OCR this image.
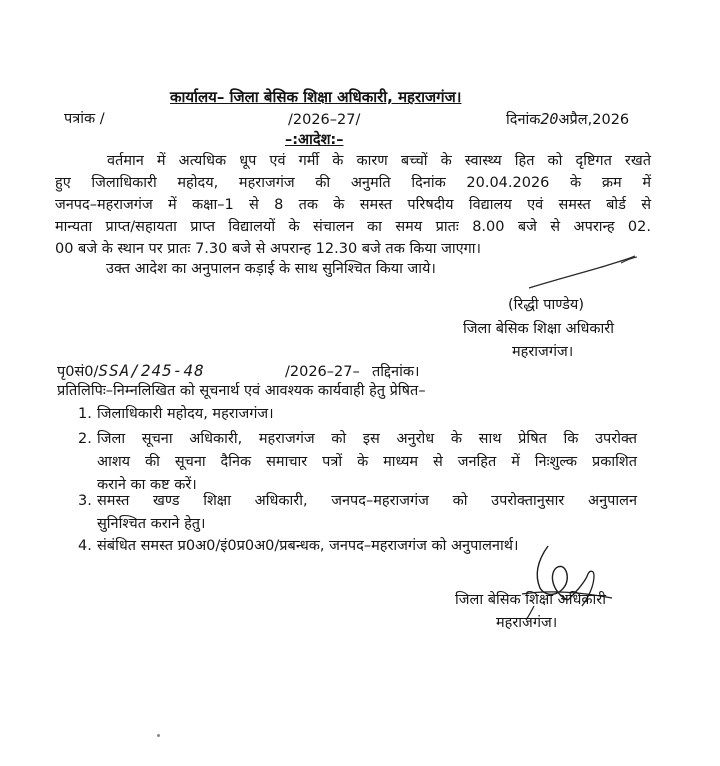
कार्यालय– जिला बेसिक शिक्षा अधिकारी, महराजगंज।
पत्रांक /	/2026–27/	दिनांक20अप्रैल,2026
–:आदेश:–
वर्तमान में अत्यधिक धूप एवं गर्मी के कारण बच्चों के स्वास्थ्य हित को दृष्टिगत रखते
हुए जिलाधिकारी महोदय, महराजगंज की अनुमति दिनांक 20.04.2026 के क्रम में
जनपद–महराजगंज में कक्षा–1 से 8 तक के समस्त परिषदीय विद्यालय एवं समस्त बोर्ड से
मान्यता प्राप्त/सहायता प्राप्त विद्यालयों के संचालन का समय प्रातः 8.00 बजे से अपरान्ह 02.
00 बजे के स्थान पर प्रातः 7.30 बजे से अपरान्ह 12.30 बजे तक किया जाएगा।
उक्त आदेश का अनुपालन कड़ाई के साथ सुनिश्चित किया जाये।
(रिद्धी पाण्डेय)
जिला बेसिक शिक्षा अधिकारी
महराजगंज।
पृ0सं0/SSA/245-48	/2026–27– तद्दिनांक।
प्रतिलिपिः–निम्नलिखित को सूचनार्थ एवं आवश्यक कार्यवाही हेतु प्रेषित–
1. जिलाधिकारी महोदय, महराजगंज।
2. जिला सूचना अधिकारी, महराजगंज को इस अनुरोध के साथ प्रेषित कि उपरोक्त
आशय की सूचना दैनिक समाचार पत्रों के माध्यम से जनहित में निःशुल्क प्रकाशित
कराने का कष्ट करें।
3. समस्त खण्ड शिक्षा अधिकारी, जनपद–महराजगंज को उपरोक्तानुसार अनुपालन
सुनिश्चित कराने हेतु।
4. संबंधित समस्त प्र0अ0/इं0प्र0अ0/प्रबन्धक, जनपद–महराजगंज को अनुपालनार्थ।
जिला बेसिक शिक्षा अधिकारी
महराजगंज।
